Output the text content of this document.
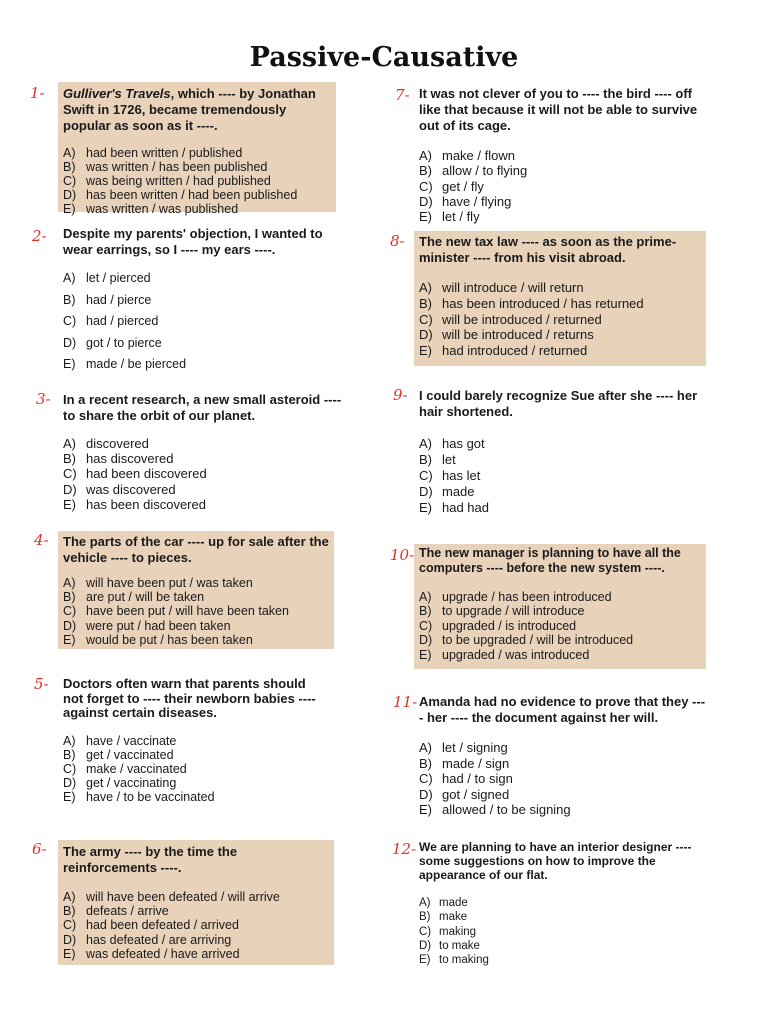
Passive-Causative
1- Gulliver's Travels, which ---- by Jonathan Swift in 1726, became tremendously popular as soon as it ----.

A) had been written / published
B) was written / has been published
C) was being written / had published
D) has been written / had been published
E) was written / was published
2- Despite my parents' objection, I wanted to wear earrings, so I ---- my ears ----.

A) let / pierced
B) had / pierce
C) had / pierced
D) got / to pierce
E) made / be pierced
3- In a recent research, a new small asteroid ---- to share the orbit of our planet.

A) discovered
B) has discovered
C) had been discovered
D) was discovered
E) has been discovered
4- The parts of the car ---- up for sale after the vehicle ---- to pieces.

A) will have been put / was taken
B) are put / will be taken
C) have been put / will have been taken
D) were put / had been taken
E) would be put / has been taken
5- Doctors often warn that parents should not forget to ---- their newborn babies ---- against certain diseases.

A) have / vaccinate
B) get / vaccinated
C) make / vaccinated
D) get / vaccinating
E) have / to be vaccinated
6- The army ---- by the time the reinforcements ----.

A) will have been defeated / will arrive
B) defeats / arrive
C) had been defeated / arrived
D) has defeated / are arriving
E) was defeated / have arrived
7- It was not clever of you to ---- the bird ---- off like that because it will not be able to survive out of its cage.

A) make / flown
B) allow / to flying
C) get / fly
D) have / flying
E) let / fly
8- The new tax law ---- as soon as the prime-minister ---- from his visit abroad.

A) will introduce / will return
B) has been introduced / has returned
C) will be introduced / returned
D) will be introduced / returns
E) had introduced / returned
9- I could barely recognize Sue after she ---- her hair shortened.

A) has got
B) let
C) has let
D) made
E) had had
10- The new manager is planning to have all the computers ---- before the new system ----.

A) upgrade / has been introduced
B) to upgrade / will introduce
C) upgraded / is introduced
D) to be upgraded / will be introduced
E) upgraded / was introduced
11- Amanda had no evidence to prove that they ---- her ---- the document against her will.

A) let / signing
B) made / sign
C) had / to sign
D) got / signed
E) allowed / to be signing
12- We are planning to have an interior designer ---- some suggestions on how to improve the appearance of our flat.

A) made
B) make
C) making
D) to make
E) to making
